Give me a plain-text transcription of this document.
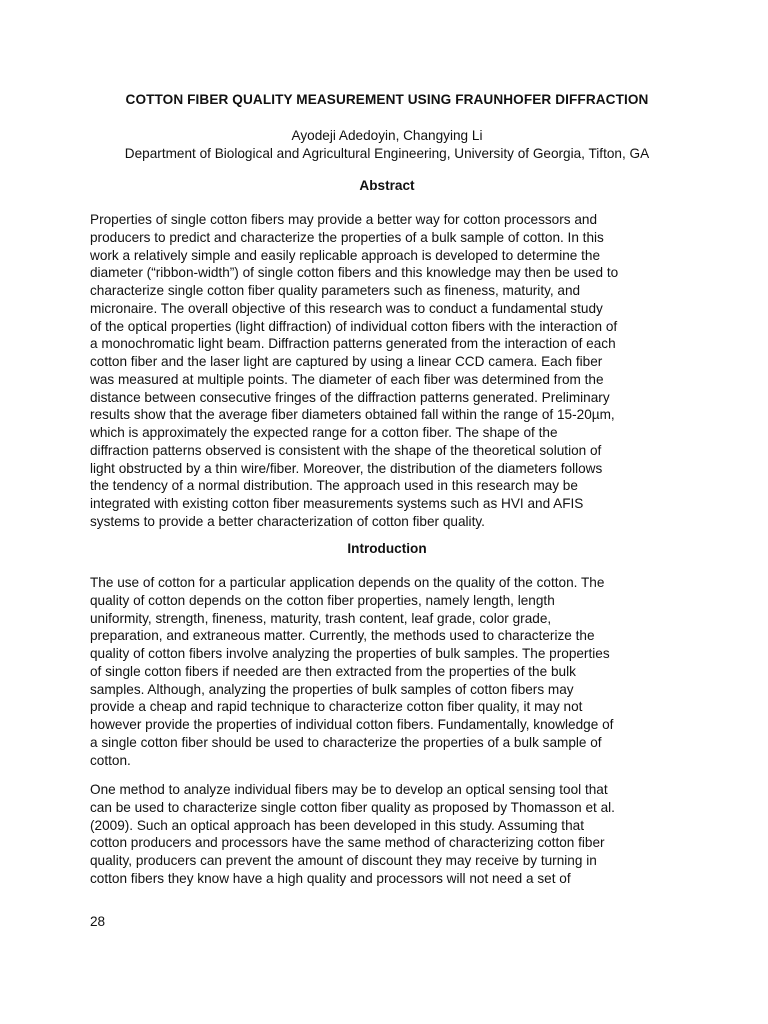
COTTON FIBER QUALITY MEASUREMENT USING FRAUNHOFER DIFFRACTION
Ayodeji Adedoyin, Changying Li
Department of Biological and Agricultural Engineering, University of Georgia, Tifton, GA
Abstract
Properties of single cotton fibers may provide a better way for cotton processors and
producers to predict and characterize the properties of a bulk sample of cotton. In this
work a relatively simple and easily replicable approach is developed to determine the
diameter (“ribbon-width”) of single cotton fibers and this knowledge may then be used to
characterize single cotton fiber quality parameters such as fineness, maturity, and
micronaire. The overall objective of this research was to conduct a fundamental study
of the optical properties (light diffraction) of individual cotton fibers with the interaction of
a monochromatic light beam. Diffraction patterns generated from the interaction of each
cotton fiber and the laser light are captured by using a linear CCD camera. Each fiber
was measured at multiple points. The diameter of each fiber was determined from the
distance between consecutive fringes of the diffraction patterns generated. Preliminary
results show that the average fiber diameters obtained fall within the range of 15-20µm,
which is approximately the expected range for a cotton fiber. The shape of the
diffraction patterns observed is consistent with the shape of the theoretical solution of
light obstructed by a thin wire/fiber. Moreover, the distribution of the diameters follows
the tendency of a normal distribution. The approach used in this research may be
integrated with existing cotton fiber measurements systems such as HVI and AFIS
systems to provide a better characterization of cotton fiber quality.
Introduction
The use of cotton for a particular application depends on the quality of the cotton. The
quality of cotton depends on the cotton fiber properties, namely length, length
uniformity, strength, fineness, maturity, trash content, leaf grade, color grade,
preparation, and extraneous matter. Currently, the methods used to characterize the
quality of cotton fibers involve analyzing the properties of bulk samples. The properties
of single cotton fibers if needed are then extracted from the properties of the bulk
samples. Although, analyzing the properties of bulk samples of cotton fibers may
provide a cheap and rapid technique to characterize cotton fiber quality, it may not
however provide the properties of individual cotton fibers. Fundamentally, knowledge of
a single cotton fiber should be used to characterize the properties of a bulk sample of
cotton.
One method to analyze individual fibers may be to develop an optical sensing tool that
can be used to characterize single cotton fiber quality as proposed by Thomasson et al.
(2009). Such an optical approach has been developed in this study. Assuming that
cotton producers and processors have the same method of characterizing cotton fiber
quality, producers can prevent the amount of discount they may receive by turning in
cotton fibers they know have a high quality and processors will not need a set of
28
